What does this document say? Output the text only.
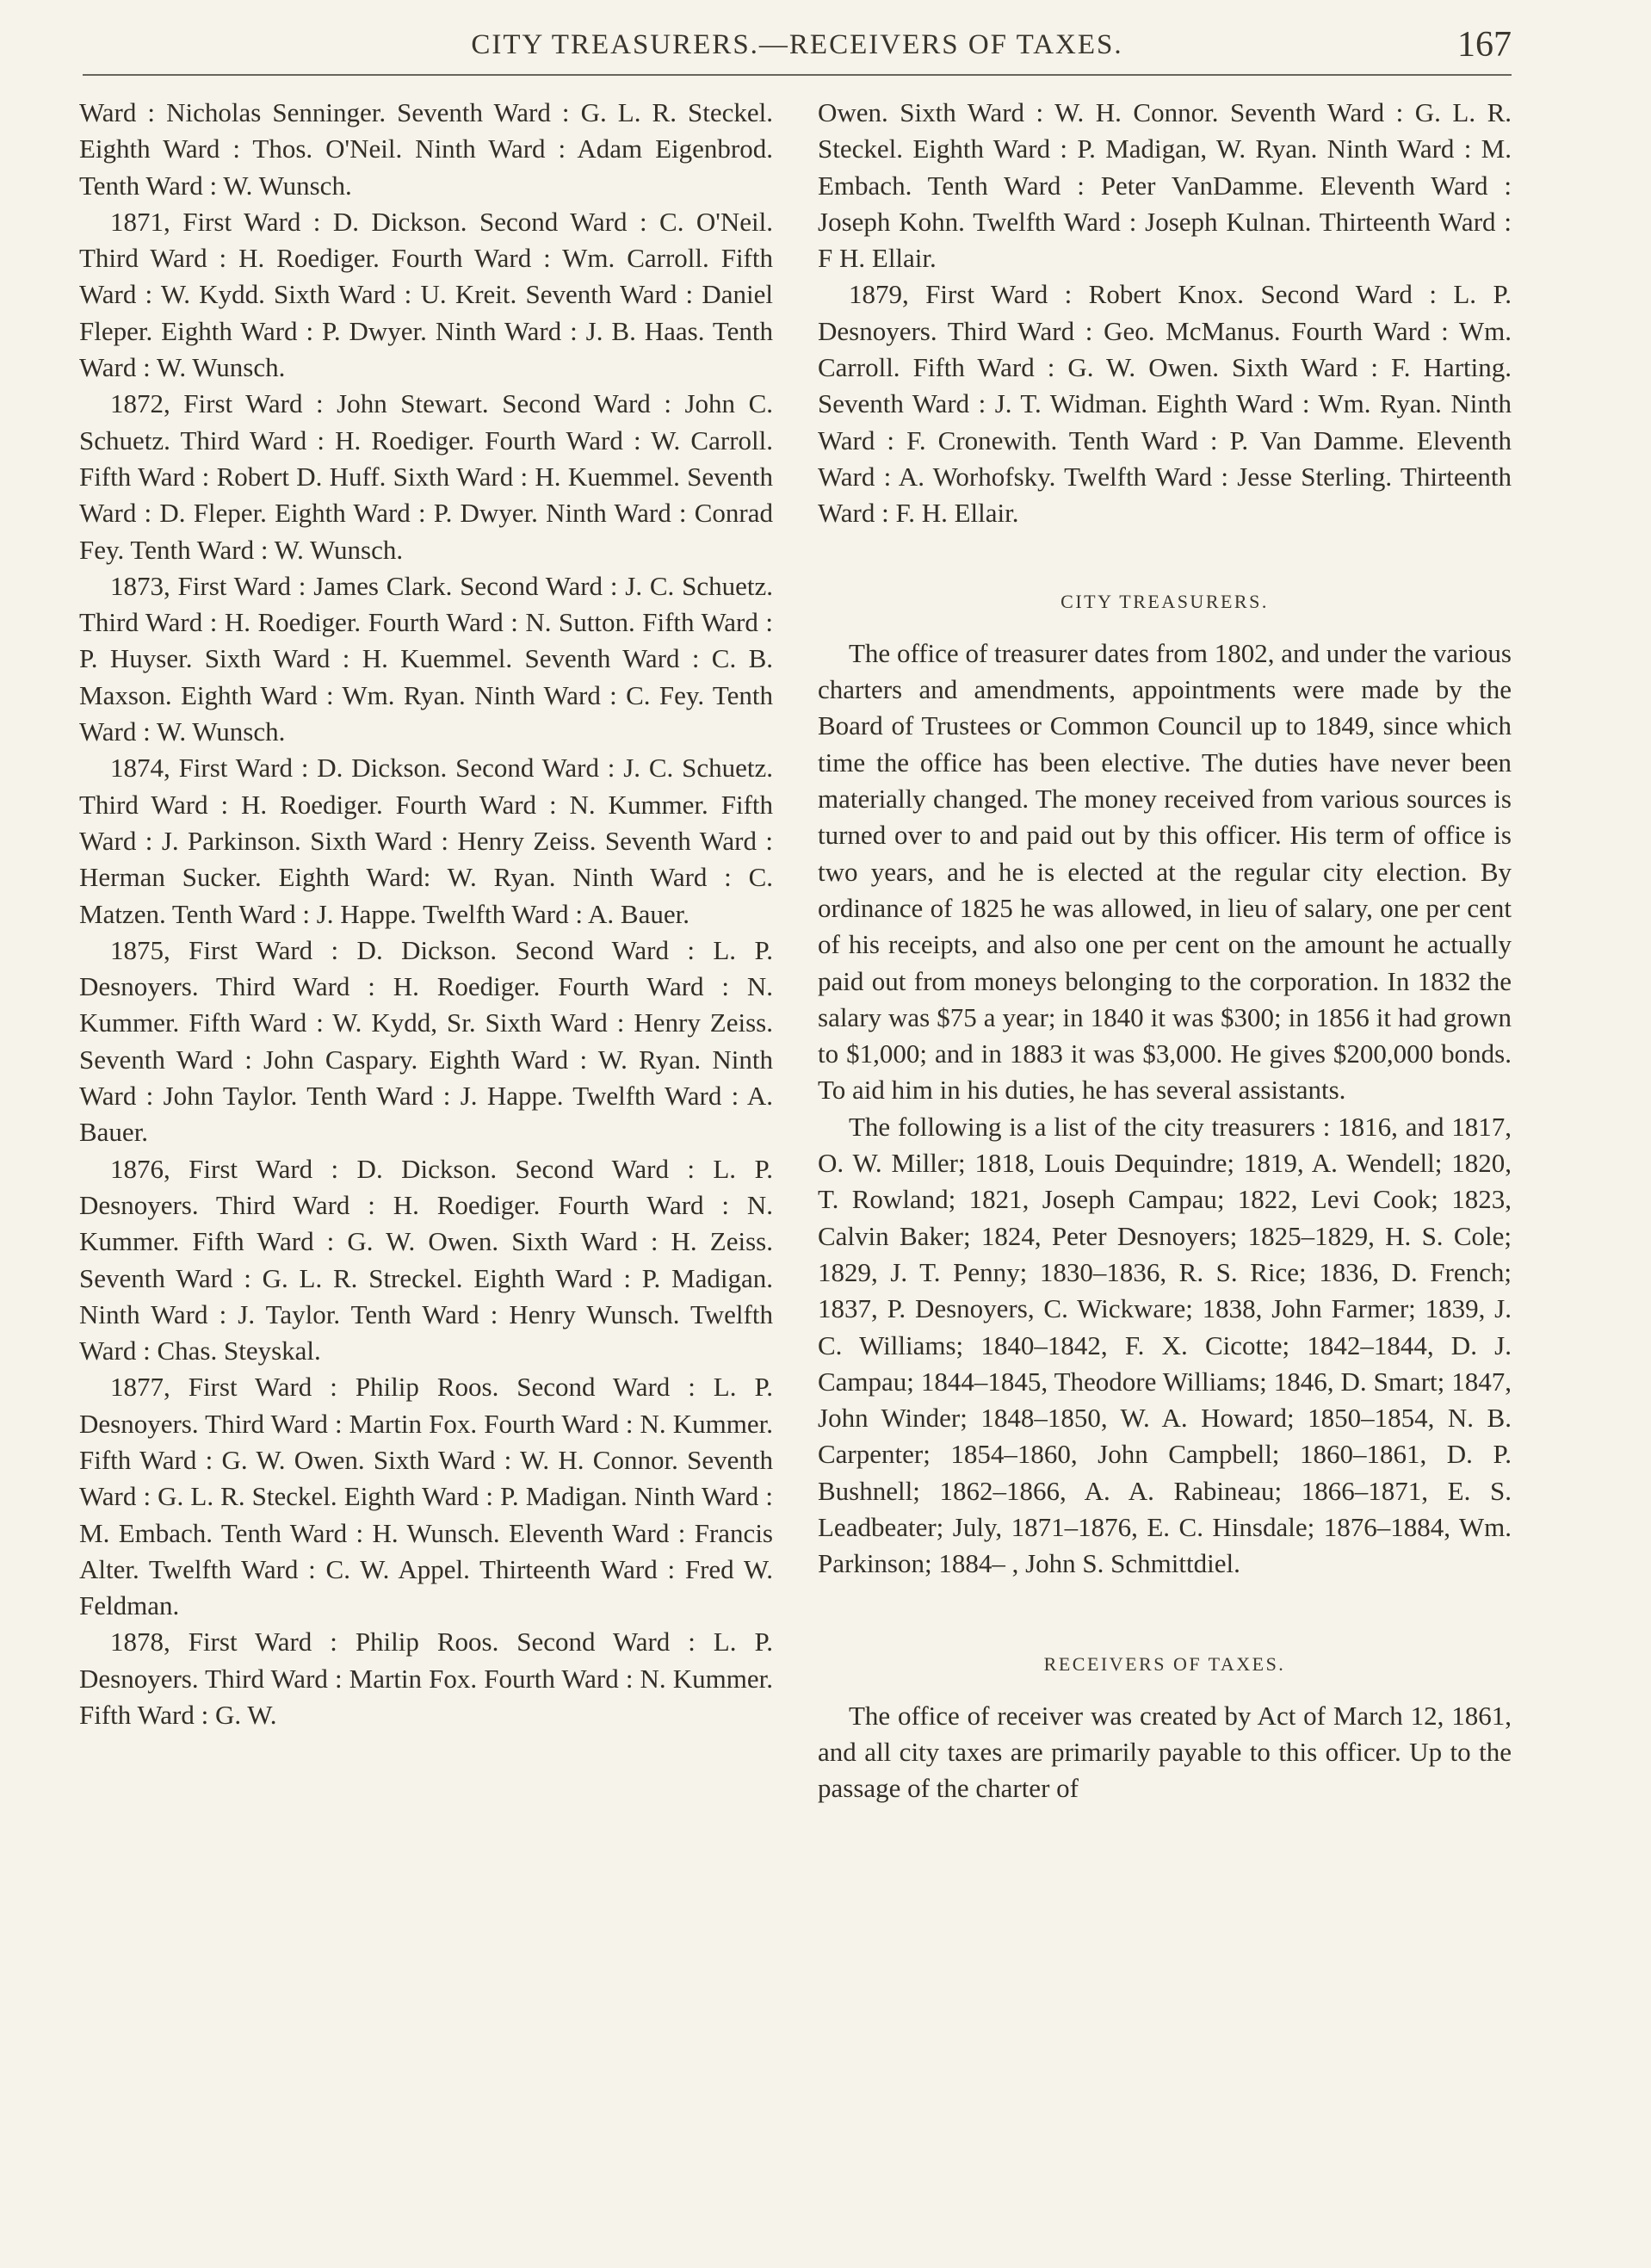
CITY TREASURERS.—RECEIVERS OF TAXES.	167

Ward : Nicholas Senninger. Seventh Ward : G. L. R. Steckel. Eighth Ward : Thos. O'Neil. Ninth Ward : Adam Eigenbrod. Tenth Ward : W. Wunsch.

1871, First Ward : D. Dickson. Second Ward : C. O'Neil. Third Ward : H. Roediger. Fourth Ward : Wm. Carroll. Fifth Ward : W. Kydd. Sixth Ward : U. Kreit. Seventh Ward : Daniel Fleper. Eighth Ward : P. Dwyer. Ninth Ward : J. B. Haas. Tenth Ward : W. Wunsch.

1872, First Ward : John Stewart. Second Ward : John C. Schuetz. Third Ward : H. Roediger. Fourth Ward : W. Carroll. Fifth Ward : Robert D. Huff. Sixth Ward : H. Kuemmel. Seventh Ward : D. Fleper. Eighth Ward : P. Dwyer. Ninth Ward : Conrad Fey. Tenth Ward : W. Wunsch.

1873, First Ward : James Clark. Second Ward : J. C. Schuetz. Third Ward : H. Roediger. Fourth Ward : N. Sutton. Fifth Ward : P. Huyser. Sixth Ward : H. Kuemmel. Seventh Ward : C. B. Maxson. Eighth Ward : Wm. Ryan. Ninth Ward : C. Fey. Tenth Ward : W. Wunsch.

1874, First Ward : D. Dickson. Second Ward : J. C. Schuetz. Third Ward : H. Roediger. Fourth Ward : N. Kummer. Fifth Ward : J. Parkinson. Sixth Ward : Henry Zeiss. Seventh Ward : Herman Sucker. Eighth Ward: W. Ryan. Ninth Ward : C. Matzen. Tenth Ward : J. Happe. Twelfth Ward : A. Bauer.

1875, First Ward : D. Dickson. Second Ward : L. P. Desnoyers. Third Ward : H. Roediger. Fourth Ward : N. Kummer. Fifth Ward : W. Kydd, Sr. Sixth Ward : Henry Zeiss. Seventh Ward : John Caspary. Eighth Ward : W. Ryan. Ninth Ward : John Taylor. Tenth Ward : J. Happe. Twelfth Ward : A. Bauer.

1876, First Ward : D. Dickson. Second Ward : L. P. Desnoyers. Third Ward : H. Roediger. Fourth Ward : N. Kummer. Fifth Ward : G. W. Owen. Sixth Ward : H. Zeiss. Seventh Ward : G. L. R. Streckel. Eighth Ward : P. Madigan. Ninth Ward : J. Taylor. Tenth Ward : Henry Wunsch. Twelfth Ward : Chas. Steyskal.

1877, First Ward : Philip Roos. Second Ward : L. P. Desnoyers. Third Ward : Martin Fox. Fourth Ward : N. Kummer. Fifth Ward : G. W. Owen. Sixth Ward : W. H. Connor. Seventh Ward : G. L. R. Steckel. Eighth Ward : P. Madigan. Ninth Ward : M. Embach. Tenth Ward : H. Wunsch. Eleventh Ward : Francis Alter. Twelfth Ward : C. W. Appel. Thirteenth Ward : Fred W. Feldman.

1878, First Ward : Philip Roos. Second Ward : L. P. Desnoyers. Third Ward : Martin Fox. Fourth Ward : N. Kummer. Fifth Ward : G. W.

Owen. Sixth Ward : W. H. Connor. Seventh Ward : G. L. R. Steckel. Eighth Ward : P. Madigan, W. Ryan. Ninth Ward : M. Embach. Tenth Ward : Peter VanDamme. Eleventh Ward : Joseph Kohn. Twelfth Ward : Joseph Kulnan. Thirteenth Ward : F H. Ellair.

1879, First Ward : Robert Knox. Second Ward : L. P. Desnoyers. Third Ward : Geo. McManus. Fourth Ward : Wm. Carroll. Fifth Ward : G. W. Owen. Sixth Ward : F. Harting. Seventh Ward : J. T. Widman. Eighth Ward : Wm. Ryan. Ninth Ward : F. Cronewith. Tenth Ward : P. Van Damme. Eleventh Ward : A. Worhofsky. Twelfth Ward : Jesse Sterling. Thirteenth Ward : F. H. Ellair.

CITY TREASURERS.

The office of treasurer dates from 1802, and under the various charters and amendments, appointments were made by the Board of Trustees or Common Council up to 1849, since which time the office has been elective. The duties have never been materially changed. The money received from various sources is turned over to and paid out by this officer. His term of office is two years, and he is elected at the regular city election. By ordinance of 1825 he was allowed, in lieu of salary, one per cent of his receipts, and also one per cent on the amount he actually paid out from moneys belonging to the corporation. In 1832 the salary was $75 a year; in 1840 it was $300; in 1856 it had grown to $1,000; and in 1883 it was $3,000. He gives $200,000 bonds. To aid him in his duties, he has several assistants.

The following is a list of the city treasurers : 1816, and 1817, O. W. Miller; 1818, Louis Dequindre; 1819, A. Wendell; 1820, T. Rowland; 1821, Joseph Campau; 1822, Levi Cook; 1823, Calvin Baker; 1824, Peter Desnoyers; 1825–1829, H. S. Cole; 1829, J. T. Penny; 1830–1836, R. S. Rice; 1836, D. French; 1837, P. Desnoyers, C. Wickware; 1838, John Farmer; 1839, J. C. Williams; 1840–1842, F. X. Cicotte; 1842–1844, D. J. Campau; 1844–1845, Theodore Williams; 1846, D. Smart; 1847, John Winder; 1848–1850, W. A. Howard; 1850–1854, N. B. Carpenter; 1854–1860, John Campbell; 1860–1861, D. P. Bushnell; 1862–1866, A. A. Rabineau; 1866–1871, E. S. Leadbeater; July, 1871–1876, E. C. Hinsdale; 1876–1884, Wm. Parkinson; 1884– , John S. Schmittdiel.

RECEIVERS OF TAXES.

The office of receiver was created by Act of March 12, 1861, and all city taxes are primarily payable to this officer. Up to the passage of the charter of
